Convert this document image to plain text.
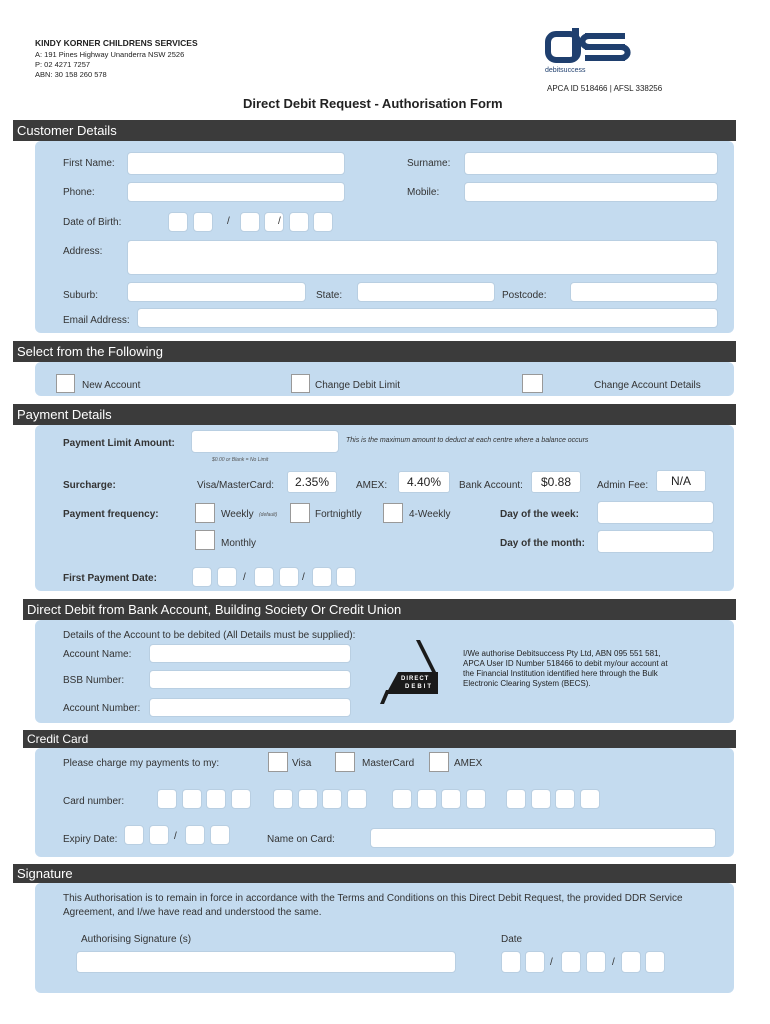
KINDY KORNER CHILDRENS SERVICES
A: 191 Pines Highway Unanderra NSW 2526
P: 02 4271 7257
ABN: 30 158 260 578	debitsuccess
APCA ID 518466 | AFSL 338256
Direct Debit Request - Authorisation Form
Customer Details
First Name:	Surname:
Phone:	Mobile:
Date of Birth:	/	/
Address:
Suburb:	State:	Postcode:
Email Address:
Select from the Following
New Account	Change Debit Limit	Change Account Details
Payment Details
Payment Limit Amount:	This is the maximum amount to deduct at each centre where a balance occurs
$0.00 or Blank = No Limit
Surcharge:	Visa/MasterCard:	2.35%	AMEX:	4.40%	Bank Account:	$0.88	Admin Fee:	N/A
Payment frequency:	Weekly (default)	Fortnightly	4-Weekly	Day of the week:
Monthly	Day of the month:
First Payment Date:	/	/
Direct Debit from Bank Account, Building Society Or Credit Union
Details of the Account to be debited (All Details must be supplied):
Account Name:
BSB Number:
Account Number:
DIRECT
DEBIT
I/We authorise Debitsuccess Pty Ltd, ABN 095 551 581,
APCA User ID Number 518466 to debit my/our account at
the Financial Institution identified here through the Bulk
Electronic Clearing System (BECS).
Credit Card
Please charge my payments to my:	Visa	MasterCard	AMEX
Card number:
Expiry Date:	/	Name on Card:
Signature
This Authorisation is to remain in force in accordance with the Terms and Conditions on this Direct Debit Request, the provided DDR Service
Agreement, and I/we have read and understood the same.
Authorising Signature (s)	Date
/	/
